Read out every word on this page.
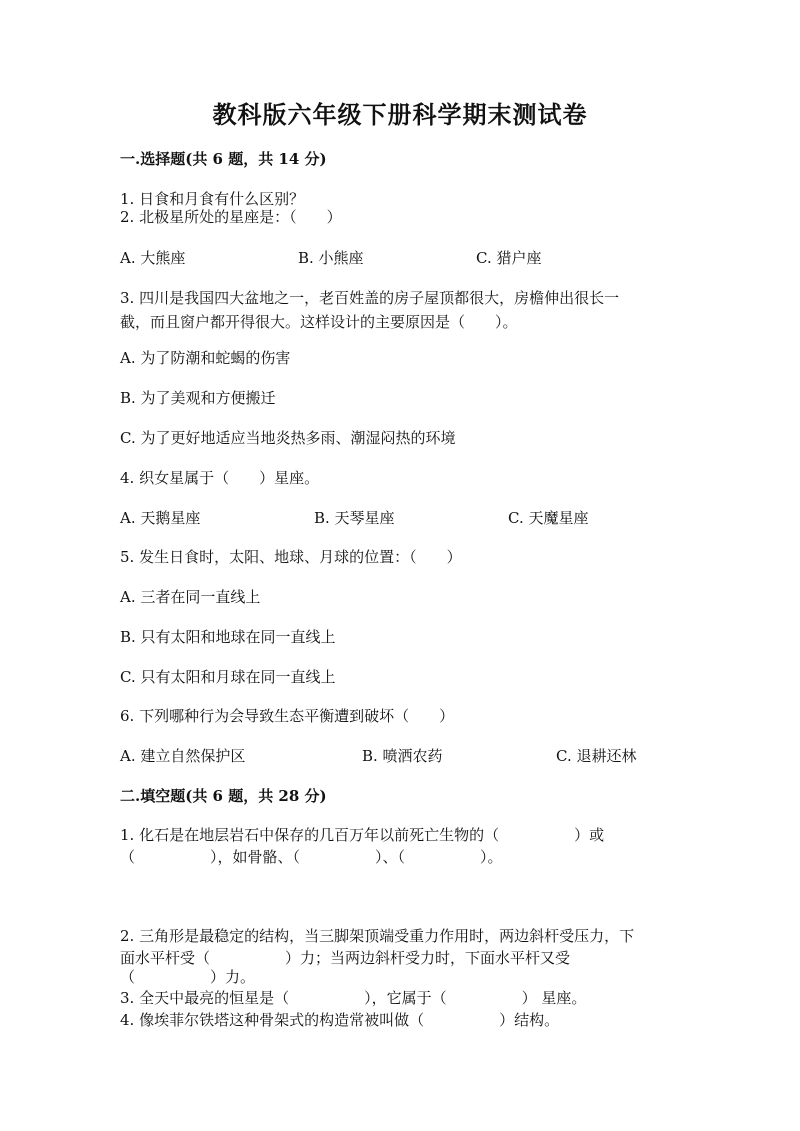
教科版六年级下册科学期末测试卷
一.选择题(共 6 题，共 14 分)
1. 日食和月食有什么区别？
2. 北极星所处的星座是：（　　）
A. 大熊座	B. 小熊座	C. 猎户座
3. 四川是我国四大盆地之一，老百姓盖的房子屋顶都很大，房檐伸出很长一
截，而且窗户都开得很大。这样设计的主要原因是（　　）。
A. 为了防潮和蛇蝎的伤害
B. 为了美观和方便搬迁
C. 为了更好地适应当地炎热多雨、潮湿闷热的环境
4. 织女星属于（　　）星座。
A. 天鹅星座	B. 天琴星座	C. 天魔星座
5. 发生日食时，太阳、地球、月球的位置：（　　）
A. 三者在同一直线上
B. 只有太阳和地球在同一直线上
C. 只有太阳和月球在同一直线上
6. 下列哪种行为会导致生态平衡遭到破坏（　　）
A. 建立自然保护区	B. 喷洒农药	C. 退耕还林
二.填空题(共 6 题，共 28 分)
1. 化石是在地层岩石中保存的几百万年以前死亡生物的（　　　　　）或
（　　　　　），如骨骼、（　　　　　）、（　　　　　）。
2. 三角形是最稳定的结构，当三脚架顶端受重力作用时，两边斜杆受压力，下
面水平杆受（　　　　　）力；当两边斜杆受力时，下面水平杆又受
（　　　　　）力。
3. 全天中最亮的恒星是（　　　　　），它属于（　　　　　） 星座。
4. 像埃菲尔铁塔这种骨架式的构造常被叫做（　　　　　）结构。
